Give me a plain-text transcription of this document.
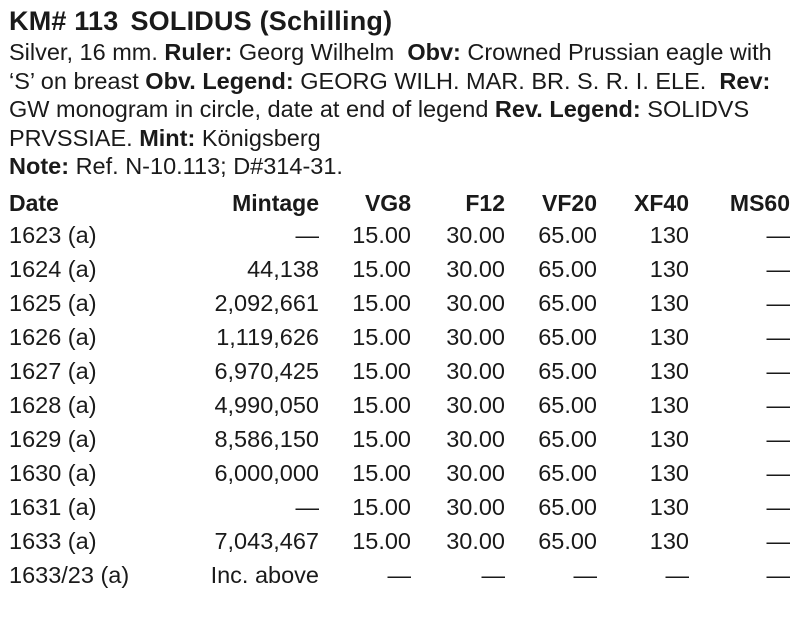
KM# 113 SOLIDUS (Schilling)

Silver, 16 mm. Ruler: Georg Wilhelm Obv: Crowned Prussian eagle with ‘S’ on breast Obv. Legend: GEORG WILH. MAR. BR. S. R. I. ELE. Rev: GW monogram in circle, date at end of legend Rev. Legend: SOLIDVS PRVSSIAE. Mint: Königsberg
Note: Ref. N-10.113; D#314-31.

Date	Mintage	VG8	F12	VF20	XF40	MS60
1623 (a)	—	15.00	30.00	65.00	130	—
1624 (a)	44,138	15.00	30.00	65.00	130	—
1625 (a)	2,092,661	15.00	30.00	65.00	130	—
1626 (a)	1,119,626	15.00	30.00	65.00	130	—
1627 (a)	6,970,425	15.00	30.00	65.00	130	—
1628 (a)	4,990,050	15.00	30.00	65.00	130	—
1629 (a)	8,586,150	15.00	30.00	65.00	130	—
1630 (a)	6,000,000	15.00	30.00	65.00	130	—
1631 (a)	—	15.00	30.00	65.00	130	—
1633 (a)	7,043,467	15.00	30.00	65.00	130	—
1633/23 (a)	Inc. above	—	—	—	—	—
